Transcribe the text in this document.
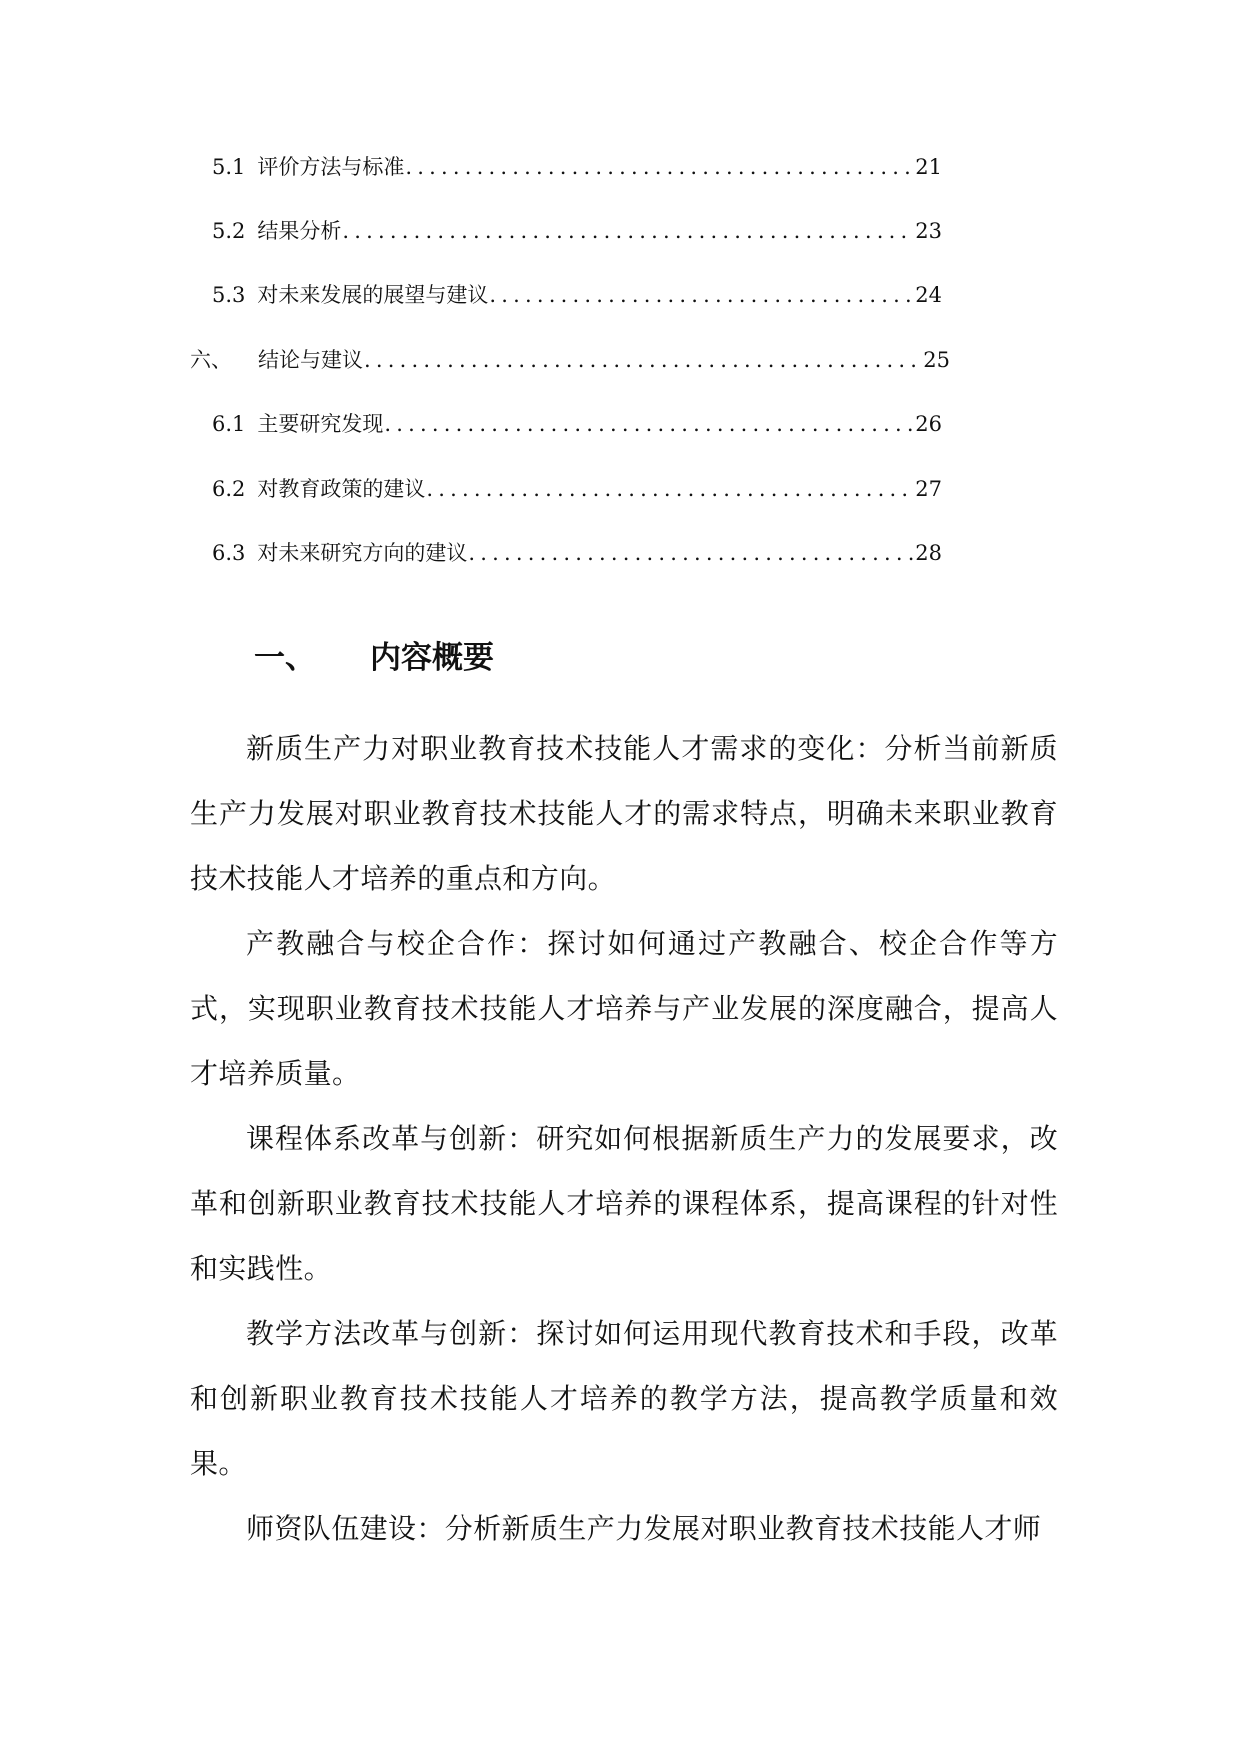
5.1 评价方法与标准 .....	21
5.2 结果分析 .....	23
5.3 对未来发展的展望与建议 .....	24
六、 结论与建议 .....	25
6.1 主要研究发现 .....	26
6.2 对教育政策的建议 .....	27
6.3 对未来研究方向的建议 .....	28
一、 内容概要

新质生产力对职业教育技术技能人才需求的变化：分析当前新质生产力发展对职业教育技术技能人才的需求特点，明确未来职业教育技术技能人才培养的重点和方向。

产教融合与校企合作：探讨如何通过产教融合、校企合作等方式，实现职业教育技术技能人才培养与产业发展的深度融合，提高人才培养质量。

课程体系改革与创新：研究如何根据新质生产力的发展要求，改革和创新职业教育技术技能人才培养的课程体系，提高课程的针对性和实践性。

教学方法改革与创新：探讨如何运用现代教育技术和手段，改革和创新职业教育技术技能人才培养的教学方法，提高教学质量和效果。

师资队伍建设：分析新质生产力发展对职业教育技术技能人才师
